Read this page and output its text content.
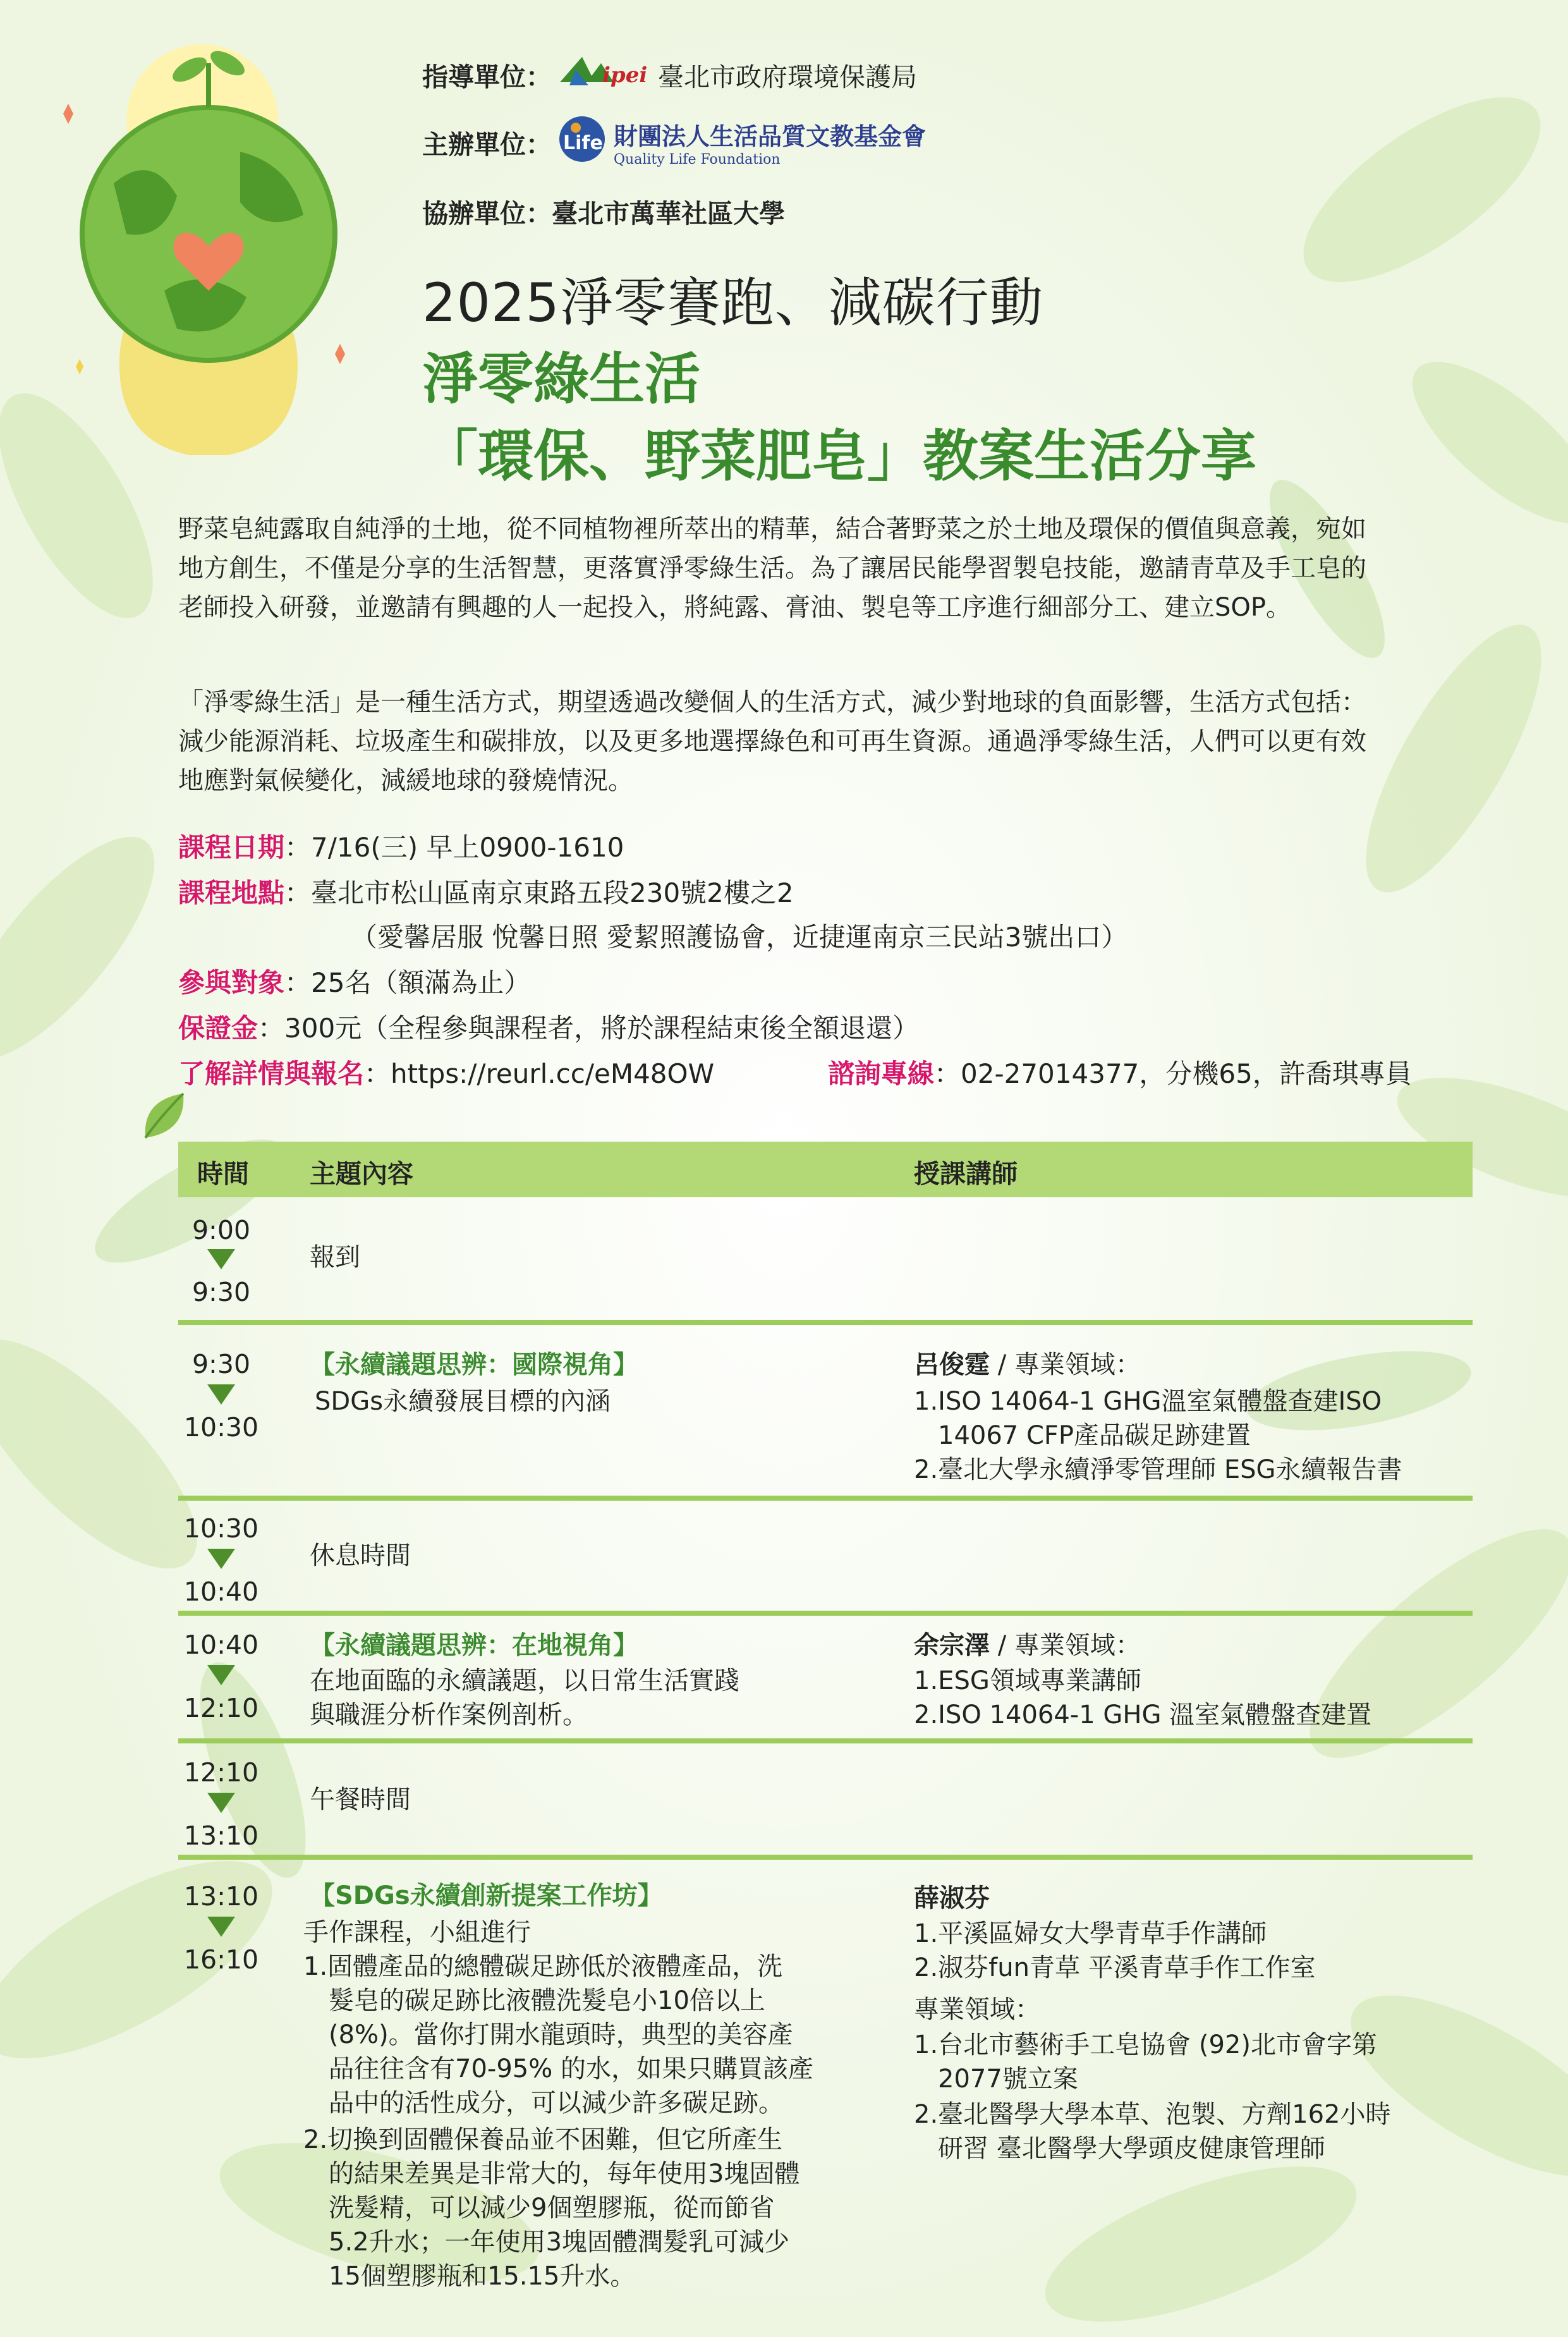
指導單位： ipei 臺北市政府環境保護局
主辦單位： Life 財團法人生活品質文教基金會
Quality Life Foundation
協辦單位： 臺北市萬華社區大學
2025淨零賽跑、減碳行動
淨零綠生活
「環保、野菜肥皂」教案生活分享

野菜皂純露取自純淨的土地，從不同植物裡所萃出的精華，結合著野菜之於土地及環保的價值與意義，宛如地方創生，不僅是分享的生活智慧，更落實淨零綠生活。為了讓居民能學習製皂技能，邀請青草及手工皂的老師投入研發，並邀請有興趣的人一起投入，將純露、膏油、製皂等工序進行細部分工、建立SOP。

「淨零綠生活」是一種生活方式，期望透過改變個人的生活方式，減少對地球的負面影響，生活方式包括：減少能源消耗、垃圾產生和碳排放，以及更多地選擇綠色和可再生資源。通過淨零綠生活，人們可以更有效地應對氣候變化，減緩地球的發燒情況。

課程日期：7/16(三) 早上0900-1610
課程地點：臺北市松山區南京東路五段230號2樓之2
（愛馨居服 悅馨日照 愛絜照護協會，近捷運南京三民站3號出口）
參與對象：25名（額滿為止）
保證金：300元（全程參與課程者，將於課程結束後全額退還）
了解詳情與報名：https://reurl.cc/eM48OW	諮詢專線：02-27014377，分機65，許喬琪專員
時間 主題內容	授課講師
9:00
9:30
報到
9:30
10:30
【永續議題思辨：國際視角】
SDGs永續發展目標的內涵
呂俊霆 / 專業領域：
1.ISO 14064-1 GHG溫室氣體盤查建ISO
14067 CFP產品碳足跡建置
2.臺北大學永續淨零管理師 ESG永續報告書
10:30
10:40
休息時間
10:40
12:10
【永續議題思辨：在地視角】
在地面臨的永續議題，以日常生活實踐
與職涯分析作案例剖析。
余宗澤 / 專業領域：
1.ESG領域專業講師
2.ISO 14064-1 GHG 溫室氣體盤查建置
12:10
13:10
午餐時間
13:10
16:10
【SDGs永續創新提案工作坊】
手作課程，小組進行
1.固體產品的總體碳足跡低於液體產品，洗
髮皂的碳足跡比液體洗髮皂小10倍以上
(8%)。當你打開水龍頭時，典型的美容產
品往往含有70-95% 的水，如果只購買該產
品中的活性成分，可以減少許多碳足跡。
2.切換到固體保養品並不困難，但它所產生
的結果差異是非常大的，每年使用3塊固體
洗髮精，可以減少9個塑膠瓶，從而節省
5.2升水；一年使用3塊固體潤髮乳可減少
15個塑膠瓶和15.15升水。
薛淑芬
1.平溪區婦女大學青草手作講師
2.淑芬fun青草 平溪青草手作工作室
專業領域：
1.台北市藝術手工皂協會 (92)北市會字第
2077號立案
2.臺北醫學大學本草、泡製、方劑162小時
研習 臺北醫學大學頭皮健康管理師
